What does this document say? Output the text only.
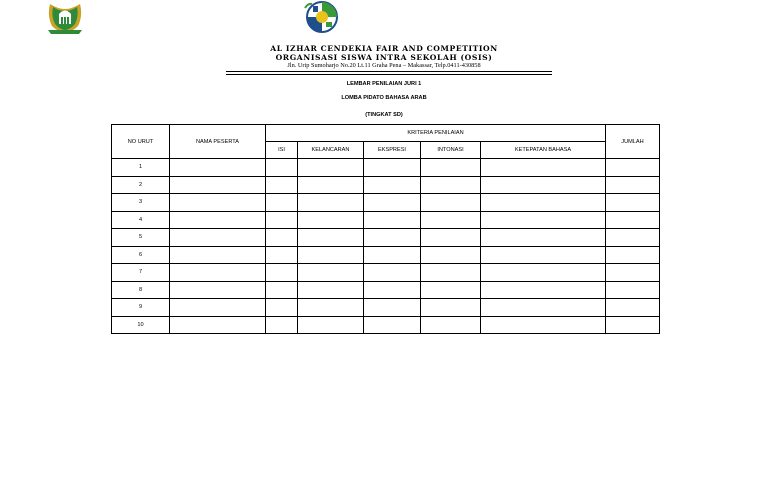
AL IZHAR CENDEKIA FAIR AND COMPETITION
ORGANISASI SISWA INTRA SEKOLAH (OSIS)
Jln. Urip Sumoharjo No.20 Lt.11 Graha Pena – Makassar, Telp.0411-430858
LEMBAR PENILAIAN JURI 1
LOMBA PIDATO BAHASA ARAB
(TINGKAT SD)
NO URUT	NAMA PESERTA	KRITERIA PENILAIAN					JUMLAH
		ISI	KELANCARAN	EKSPRESI	INTONASI	KETEPATAN BAHASA	
1							
2							
3							
4							
5							
6							
7							
8							
9							
10							
